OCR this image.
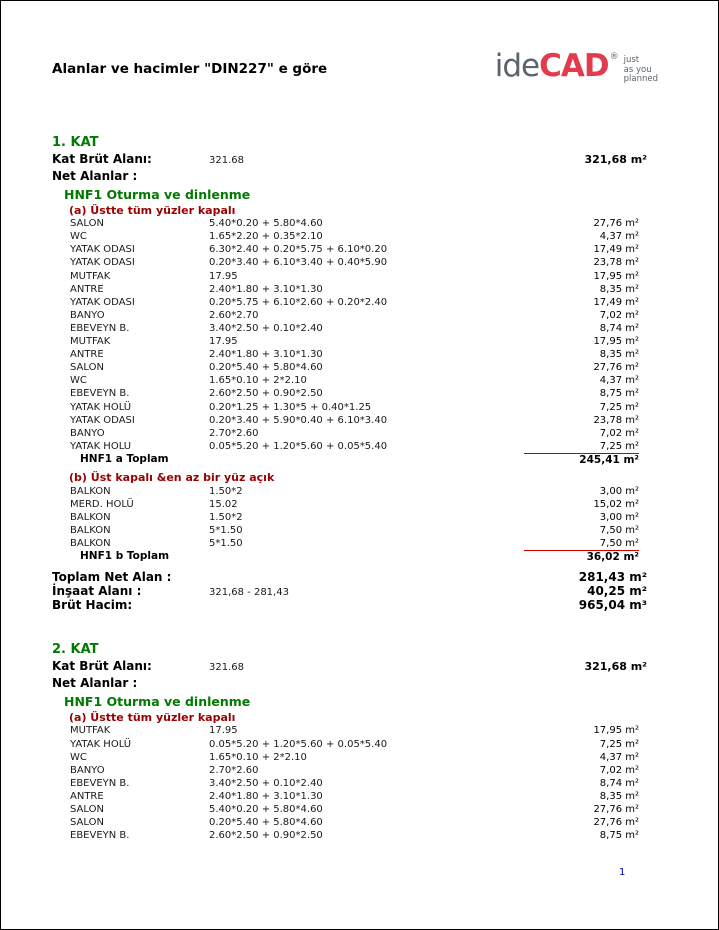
Alanlar ve hacimler "DIN227" e göre	ideCAD ® just
as you
planned
1. KAT
Kat Brüt Alanı:	321.68	321,68 m²
Net Alanlar :
HNF1 Oturma ve dinlenme
(a) Üstte tüm yüzler kapalı
SALON	5.40*0.20 + 5.80*4.60	27,76 m²
WC	1.65*2.20 + 0.35*2.10	4,37 m²
YATAK ODASI	6.30*2.40 + 0.20*5.75 + 6.10*0.20	17,49 m²
YATAK ODASI	0.20*3.40 + 6.10*3.40 + 0.40*5.90	23,78 m²
MUTFAK	17.95	17,95 m²
ANTRE	2.40*1.80 + 3.10*1.30	8,35 m²
YATAK ODASI	0.20*5.75 + 6.10*2.60 + 0.20*2.40	17,49 m²
BANYO	2.60*2.70	7,02 m²
EBEVEYN B.	3.40*2.50 + 0.10*2.40	8,74 m²
MUTFAK	17.95	17,95 m²
ANTRE	2.40*1.80 + 3.10*1.30	8,35 m²
SALON	0.20*5.40 + 5.80*4.60	27,76 m²
WC	1.65*0.10 + 2*2.10	4,37 m²
EBEVEYN B.	2.60*2.50 + 0.90*2.50	8,75 m²
YATAK HOLÜ	0.20*1.25 + 1.30*5 + 0.40*1.25	7,25 m²
YATAK ODASI	0.20*3.40 + 5.90*0.40 + 6.10*3.40	23,78 m²
BANYO	2.70*2.60	7,02 m²
YATAK HOLU	0.05*5.20 + 1.20*5.60 + 0.05*5.40	7,25 m²
HNF1 a Toplam	245,41 m²
(b) Üst kapalı &en az bir yüz açık
BALKON	1.50*2	3,00 m²
MERD. HOLÜ	15.02	15,02 m²
BALKON	1.50*2	3,00 m²
BALKON	5*1.50	7,50 m²
BALKON	5*1.50	7,50 m²
HNF1 b Toplam	36,02 m²
Toplam Net Alan :	281,43 m²
İnşaat Alanı :	321,68 - 281,43	40,25 m²
Brüt Hacim:	965,04 m³
2. KAT
Kat Brüt Alanı:	321.68	321,68 m²
Net Alanlar :
HNF1 Oturma ve dinlenme
(a) Üstte tüm yüzler kapalı
MUTFAK	17.95	17,95 m²
YATAK HOLÜ	0.05*5.20 + 1.20*5.60 + 0.05*5.40	7,25 m²
WC	1.65*0.10 + 2*2.10	4,37 m²
BANYO	2.70*2.60	7,02 m²
EBEVEYN B.	3.40*2.50 + 0.10*2.40	8,74 m²
ANTRE	2.40*1.80 + 3.10*1.30	8,35 m²
SALON	5.40*0.20 + 5.80*4.60	27,76 m²
SALON	0.20*5.40 + 5.80*4.60	27,76 m²
EBEVEYN B.	2.60*2.50 + 0.90*2.50	8,75 m²
1
